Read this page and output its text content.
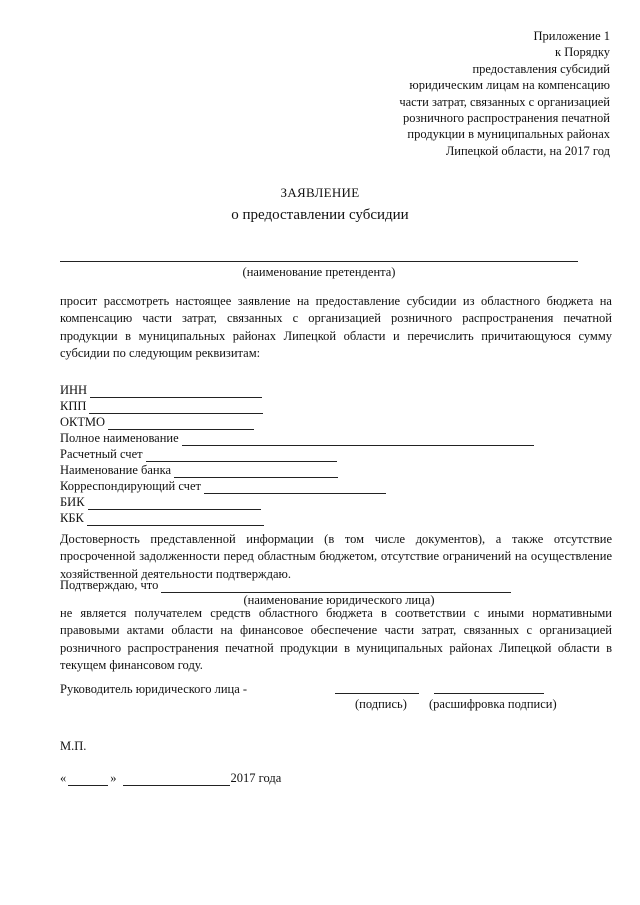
Приложение 1
к Порядку
предоставления субсидий
юридическим лицам на компенсацию
части затрат, связанных с организацией
розничного распространения печатной
продукции в муниципальных районах
Липецкой области, на 2017 год
ЗАЯВЛЕНИЕ
о предоставлении субсидии
(наименование претендента)
просит рассмотреть настоящее заявление на предоставление субсидии из областного бюджета на компенсацию части затрат, связанных с организацией розничного распространения печатной продукции в муниципальных районах Липецкой области и перечислить причитающуюся сумму субсидии по следующим реквизитам:
ИНН
КПП
ОКТМО
Полное наименование
Расчетный счет
Наименование банка
Корреспондирующий счет
БИК
КБК
Достоверность представленной информации (в том числе документов), а также отсутствие просроченной задолженности перед областным бюджетом, отсутствие ограничений на осуществление хозяйственной деятельности подтверждаю.
Подтверждаю, что
(наименование юридического лица)
не является получателем средств областного бюджета в соответствии с иными нормативными правовыми актами области на финансовое обеспечение части затрат, связанных с организацией розничного распространения печатной продукции в муниципальных районах Липецкой области в текущем финансовом году.
Руководитель юридического лица -
(подпись) (расшифровка подписи)
М.П.
«	»	2017 года
